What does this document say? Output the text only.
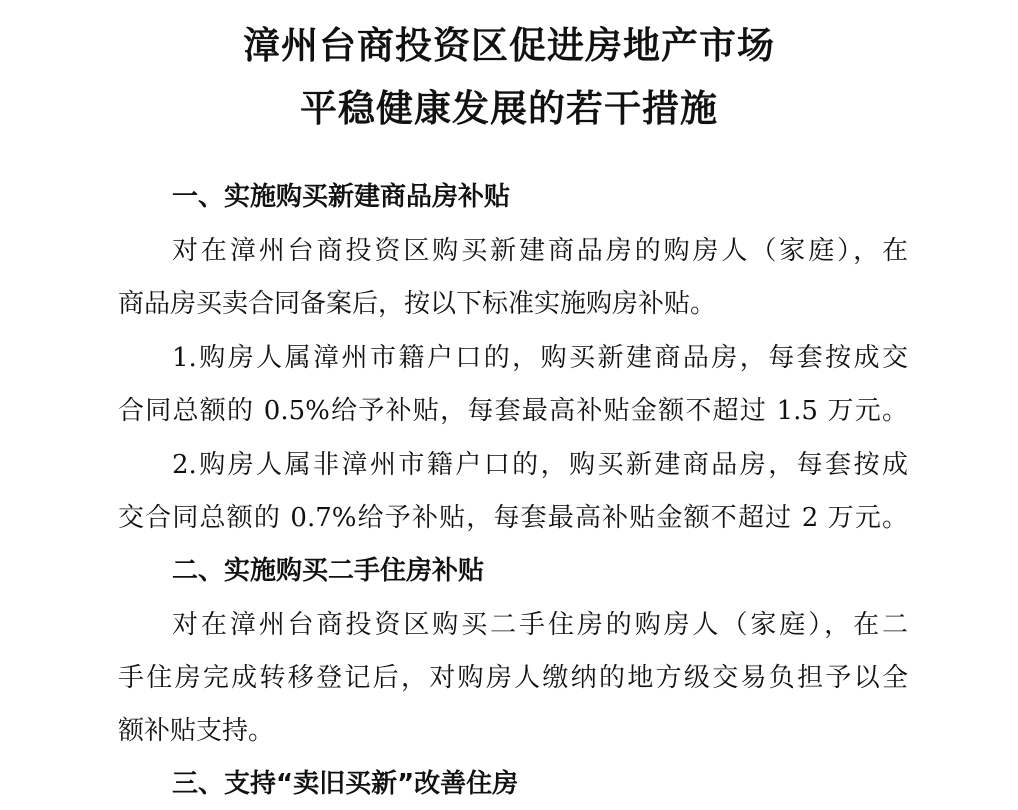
漳州台商投资区促进房地产市场
平稳健康发展的若干措施

一、实施购买新建商品房补贴

对在漳州台商投资区购买新建商品房的购房人（家庭），在

商品房买卖合同备案后，按以下标准实施购房补贴。

1.购房人属漳州市籍户口的，购买新建商品房，每套按成交

合同总额的 0.5%给予补贴，每套最高补贴金额不超过 1.5 万元。

2.购房人属非漳州市籍户口的，购买新建商品房，每套按成

交合同总额的 0.7%给予补贴，每套最高补贴金额不超过 2 万元。

二、实施购买二手住房补贴

对在漳州台商投资区购买二手住房的购房人（家庭），在二

手住房完成转移登记后，对购房人缴纳的地方级交易负担予以全

额补贴支持。

三、支持“卖旧买新”改善住房
